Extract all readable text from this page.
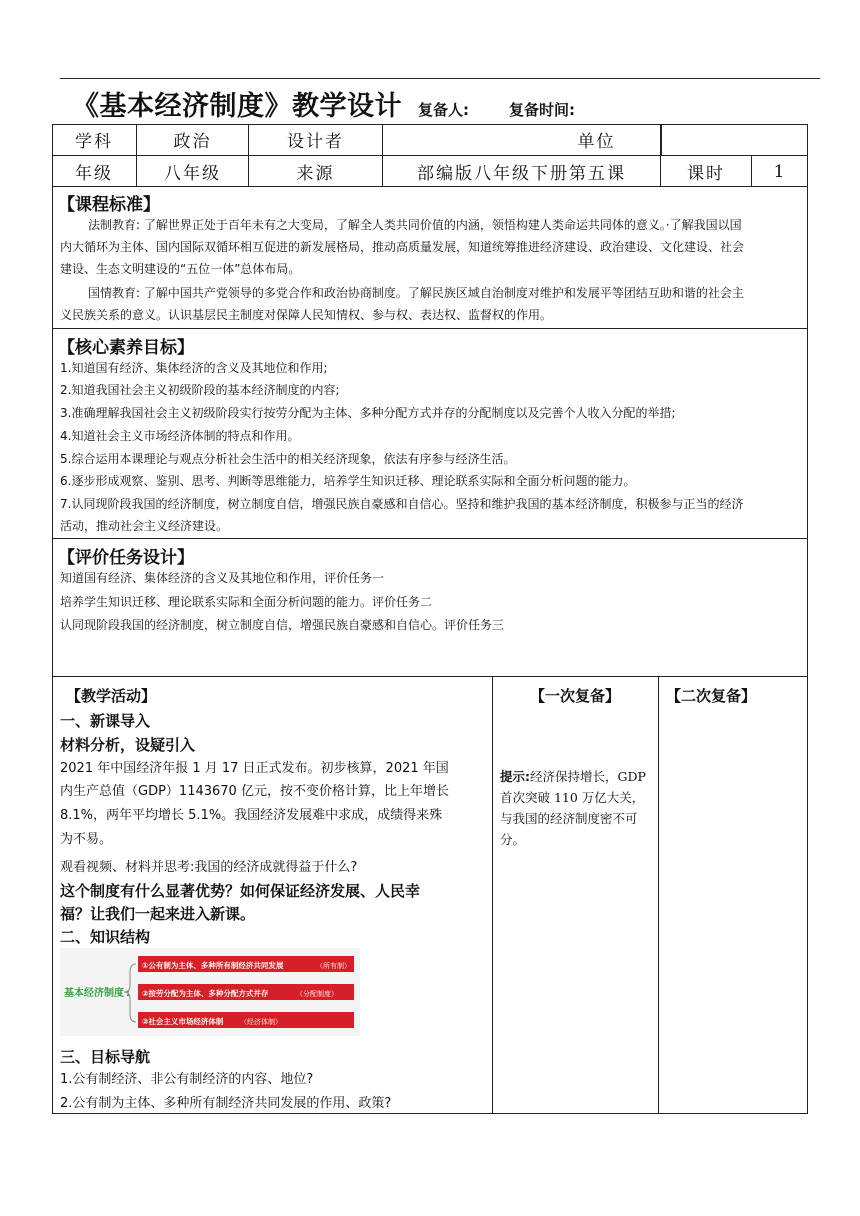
《基本经济制度》教学设计 复备人:	复备时间:
学科	政治	设计者	单位
年级	八年级	来源	部编版八年级下册第五课	课时	1
【课程标准】
法制教育: 了解世界正处于百年未有之大变局，了解全人类共同价值的内涵，领悟构建人类命运共同体的意义。·了解我国以国
内大循环为主体、国内国际双循环相互促进的新发展格局，推动高质量发展，知道统筹推进经济建设、政治建设、文化建设、社会
建设、生态文明建设的“五位一体”总体布局。
国情教育: 了解中国共产党领导的多党合作和政治协商制度。了解民族区域自治制度对维护和发展平等团结互助和谐的社会主
义民族关系的意义。认识基层民主制度对保障人民知情权、参与权、表达权、监督权的作用。
【核心素养目标】
1.知道国有经济、集体经济的含义及其地位和作用;
2.知道我国社会主义初级阶段的基本经济制度的内容;
3.准确理解我国社会主义初级阶段实行按劳分配为主体、多种分配方式并存的分配制度以及完善个人收入分配的举措;
4.知道社会主义市场经济体制的特点和作用。
5.综合运用本课理论与观点分析社会生活中的相关经济现象，依法有序参与经济生活。
6.逐步形成观察、鉴别、思考、判断等思维能力，培养学生知识迁移、理论联系实际和全面分析问题的能力。
7.认同现阶段我国的经济制度，树立制度自信，增强民族自豪感和自信心。坚持和维护我国的基本经济制度，积极参与正当的经济
活动，推动社会主义经济建设。
【评价任务设计】
知道国有经济、集体经济的含义及其地位和作用，评价任务一
培养学生知识迁移、理论联系实际和全面分析问题的能力。评价任务二
认同现阶段我国的经济制度，树立制度自信，增强民族自豪感和自信心。评价任务三
【教学活动】
一、新课导入
材料分析，设疑引入
2021 年中国经济年报 1 月 17 日正式发布。初步核算，2021 年国
内生产总值（GDP）1143670 亿元，按不变价格计算，比上年增长
8.1%，两年平均增长 5.1%。我国经济发展难中求成，成绩得来殊
为不易。
观看视频、材料并思考:我国的经济成就得益于什么?
这个制度有什么显著优势？如何保证经济发展、人民幸
福？让我们一起来进入新课。
二、知识结构
基本经济制度 :
①公有制为主体、多种所有制经济共同发展	（所有制）
②按劳分配为主体、多种分配方式并存	（分配制度）
③社会主义市场经济体制 （经济体制）
三、目标导航
1.公有制经济、非公有制经济的内容、地位?
2.公有制为主体、多种所有制经济共同发展的作用、政策?
【一次复备】
提示:经济保持增长，GDP 首次突破 110 万亿大关，与我国的经济制度密不可分。
【二次复备】
